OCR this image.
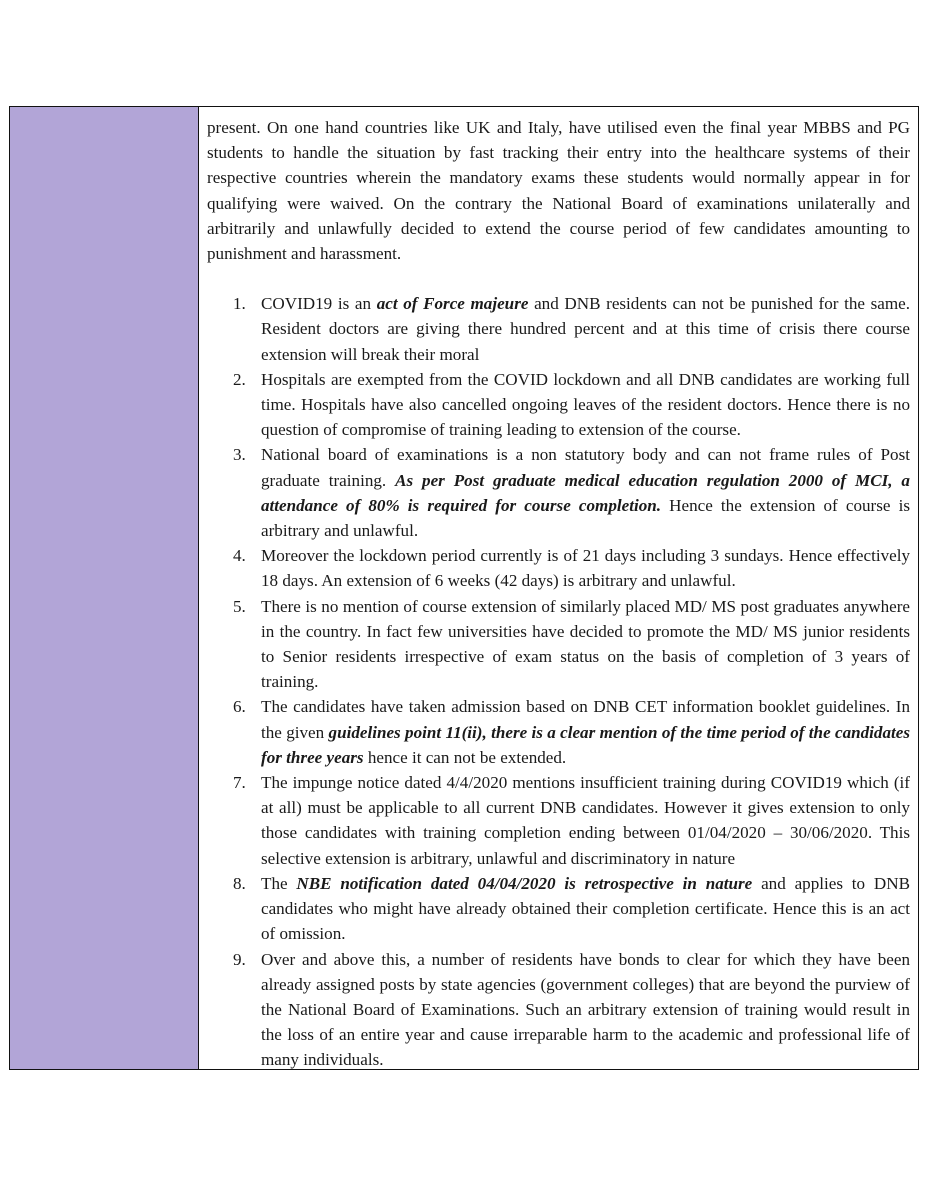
present. On one hand countries like UK and Italy, have utilised even the final year MBBS and PG students to handle the situation by fast tracking their entry into the healthcare systems of their respective countries wherein the mandatory exams these students would normally appear in for qualifying were waived. On the contrary the National Board of examinations unilaterally and arbitrarily and unlawfully decided to extend the course period of few candidates amounting to punishment and harassment.

1. COVID19 is an act of Force majeure and DNB residents can not be punished for the same. Resident doctors are giving there hundred percent and at this time of crisis there course extension will break their moral
2. Hospitals are exempted from the COVID lockdown and all DNB candidates are working full time. Hospitals have also cancelled ongoing leaves of the resident doctors. Hence there is no question of compromise of training leading to extension of the course.
3. National board of examinations is a non statutory body and can not frame rules of Post graduate training. As per Post graduate medical education regulation 2000 of MCI, a attendance of 80% is required for course completion. Hence the extension of course is arbitrary and unlawful.
4. Moreover the lockdown period currently is of 21 days including 3 sundays. Hence effectively 18 days. An extension of 6 weeks (42 days) is arbitrary and unlawful.
5. There is no mention of course extension of similarly placed MD/ MS post graduates anywhere in the country. In fact few universities have decided to promote the MD/ MS junior residents to Senior residents irrespective of exam status on the basis of completion of 3 years of training.
6. The candidates have taken admission based on DNB CET information booklet guidelines. In the given guidelines point 11(ii), there is a clear mention of the time period of the candidates for three years hence it can not be extended.
7. The impunge notice dated 4/4/2020 mentions insufficient training during COVID19 which (if at all) must be applicable to all current DNB candidates. However it gives extension to only those candidates with training completion ending between 01/04/2020 – 30/06/2020. This selective extension is arbitrary, unlawful and discriminatory in nature
8. The NBE notification dated 04/04/2020 is retrospective in nature and applies to DNB candidates who might have already obtained their completion certificate. Hence this is an act of omission.
9. Over and above this, a number of residents have bonds to clear for which they have been already assigned posts by state agencies (government colleges) that are beyond the purview of the National Board of Examinations. Such an arbitrary extension of training would result in the loss of an entire year and cause irreparable harm to the academic and professional life of many individuals.
